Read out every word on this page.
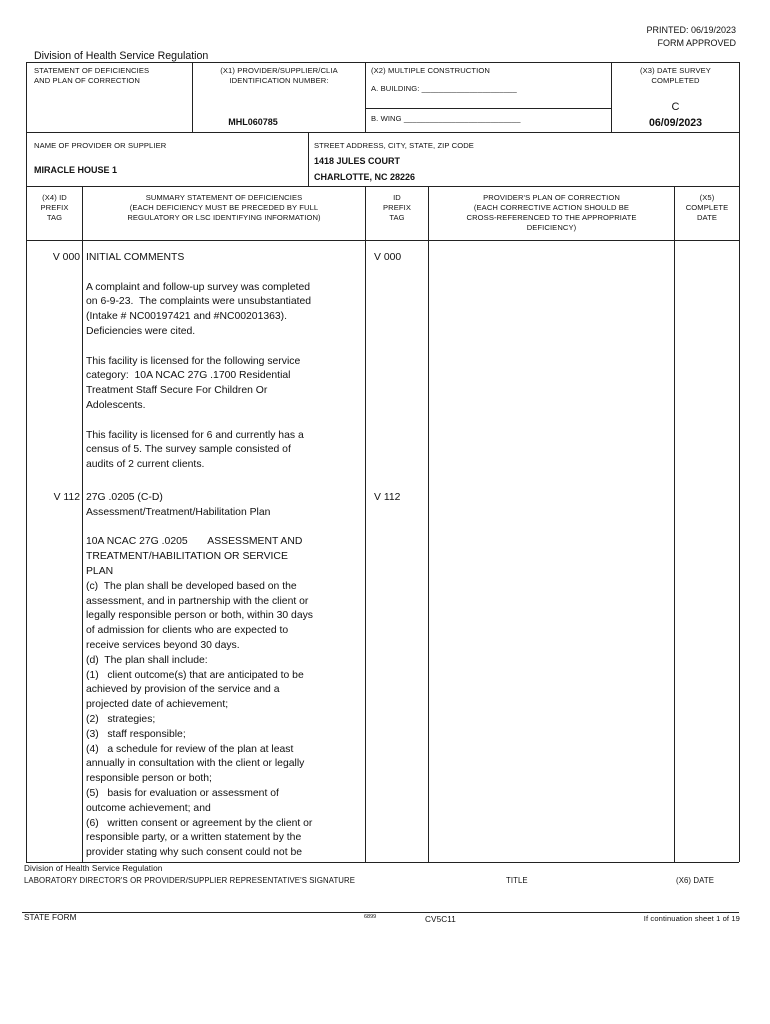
PRINTED: 06/19/2023
FORM APPROVED
Division of Health Service Regulation
STATEMENT OF DEFICIENCIES
AND PLAN OF CORRECTION
(X1) PROVIDER/SUPPLIER/CLIA
IDENTIFICATION NUMBER:
MHL060785
(X2) MULTIPLE CONSTRUCTION
A. BUILDING: ______________________
B. WING ___________________________
(X3) DATE SURVEY
COMPLETED
C
06/09/2023
NAME OF PROVIDER OR SUPPLIER
MIRACLE HOUSE 1
STREET ADDRESS, CITY, STATE, ZIP CODE
1418 JULES COURT
CHARLOTTE, NC 28226
(X4) ID
PREFIX
TAG
SUMMARY STATEMENT OF DEFICIENCIES
(EACH DEFICIENCY MUST BE PRECEDED BY FULL
REGULATORY OR LSC IDENTIFYING INFORMATION)
ID
PREFIX
TAG
PROVIDER'S PLAN OF CORRECTION
(EACH CORRECTIVE ACTION SHOULD BE
CROSS-REFERENCED TO THE APPROPRIATE
DEFICIENCY)
(X5)
COMPLETE
DATE
V 000	V 000
INITIAL COMMENTS

A complaint and follow-up survey was completed
on 6-9-23.  The complaints were unsubstantiated
(Intake # NC00197421 and #NC00201363).
Deficiencies were cited.

This facility is licensed for the following service
category:  10A NCAC 27G .1700 Residential
Treatment Staff Secure For Children Or
Adolescents.

This facility is licensed for 6 and currently has a
census of 5. The survey sample consisted of
audits of 2 current clients.
V 112	V 112
27G .0205 (C-D)
Assessment/Treatment/Habilitation Plan

10A NCAC 27G .0205       ASSESSMENT AND
TREATMENT/HABILITATION OR SERVICE
PLAN
(c)  The plan shall be developed based on the
assessment, and in partnership with the client or
legally responsible person or both, within 30 days
of admission for clients who are expected to
receive services beyond 30 days.
(d)  The plan shall include:
(1)   client outcome(s) that are anticipated to be
achieved by provision of the service and a
projected date of achievement;
(2)   strategies;
(3)   staff responsible;
(4)   a schedule for review of the plan at least
annually in consultation with the client or legally
responsible person or both;
(5)   basis for evaluation or assessment of
outcome achievement; and
(6)   written consent or agreement by the client or
responsible party, or a written statement by the
provider stating why such consent could not be
Division of Health Service Regulation
LABORATORY DIRECTOR'S OR PROVIDER/SUPPLIER REPRESENTATIVE'S SIGNATURE	TITLE	(X6) DATE
STATE FORM	6899	CV5C11	If continuation sheet 1 of 19
